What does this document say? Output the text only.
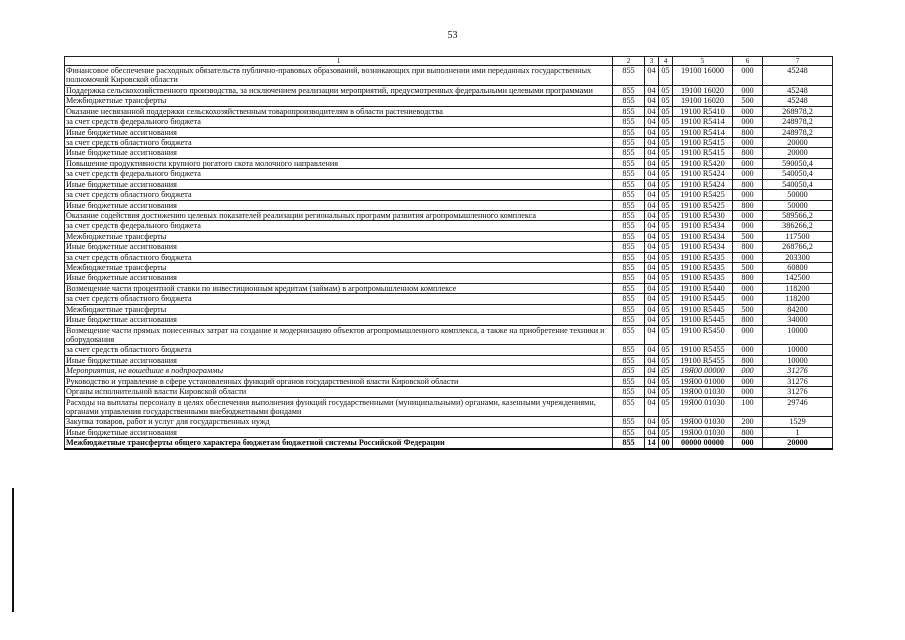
53
1	2	3	4	5	6	7
Финансовое обеспечение расходных обязательств публично-правовых образований, возникающих при выполнении ими переданных государственных полномочий Кировской области	855	04	05	19100 16000	000	45248
Поддержка сельскохозяйственного производства, за исключением реализации мероприятий, предусмотренных федеральными целевыми программами	855	04	05	19100 16020	000	45248
Межбюджетные трансферты	855	04	05	19100 16020	500	45248
Оказание несвязанной поддержки сельскохозяйственным товаропроизводителям в области растениеводства	855	04	05	19100 R5410	000	268978,2
за счет средств федерального бюджета	855	04	05	19100 R5414	000	248978,2
Иные бюджетные ассигнования	855	04	05	19100 R5414	800	248978,2
за счет средств областного бюджета	855	04	05	19100 R5415	000	20000
Иные бюджетные ассигнования	855	04	05	19100 R5415	800	20000
Повышение продуктивности крупного рогатого скота молочного направления	855	04	05	19100 R5420	000	590050,4
за счет средств федерального бюджета	855	04	05	19100 R5424	000	540050,4
Иные бюджетные ассигнования	855	04	05	19100 R5424	800	540050,4
за счет средств областного бюджета	855	04	05	19100 R5425	000	50000
Иные бюджетные ассигнования	855	04	05	19100 R5425	800	50000
Оказание содействия достижению целевых показателей реализации региональных программ развития агропромышленного комплекса	855	04	05	19100 R5430	000	589566,2
за счет средств федерального бюджета	855	04	05	19100 R5434	000	386266,2
Межбюджетные трансферты	855	04	05	19100 R5434	500	117500
Иные бюджетные ассигнования	855	04	05	19100 R5434	800	268766,2
за счет средств областного бюджета	855	04	05	19100 R5435	000	203300
Межбюджетные трансферты	855	04	05	19100 R5435	500	60800
Иные бюджетные ассигнования	855	04	05	19100 R5435	800	142500
Возмещение части процентной ставки по инвестиционным кредитам (займам) в агропромышленном комплексе	855	04	05	19100 R5440	000	118200
за счет средств областного бюджета	855	04	05	19100 R5445	000	118200
Межбюджетные трансферты	855	04	05	19100 R5445	500	84200
Иные бюджетные ассигнования	855	04	05	19100 R5445	800	34000
Возмещение части прямых понесенных затрат на создание и модернизацию объектов агропромышленного комплекса, а также на приобретение техники и оборудования	855	04	05	19100 R5450	000	10000
за счет средств областного бюджета	855	04	05	19100 R5455	000	10000
Иные бюджетные ассигнования	855	04	05	19100 R5455	800	10000
Мероприятия, не вошедшие в подпрограммы	855	04	05	19Я00 00000	000	31276
Руководство и управление в сфере установленных функций органов государственной власти Кировской области	855	04	05	19Я00 01000	000	31276
Органы исполнительной власти Кировской области	855	04	05	19Я00 01030	000	31276
Расходы на выплаты персоналу в целях обеспечения выполнения функций государственными (муниципальными) органами, казенными учреждениями, органами управления государственными внебюджетными фондами	855	04	05	19Я00 01030	100	29746
Закупка товаров, работ и услуг для государственных нужд	855	04	05	19Я00 01030	200	1529
Иные бюджетные ассигнования	855	04	05	19Я00 01030	800	1
Межбюджетные трансферты общего характера бюджетам бюджетной системы Российской Федерации	855	14	00	00000 00000	000	20000
